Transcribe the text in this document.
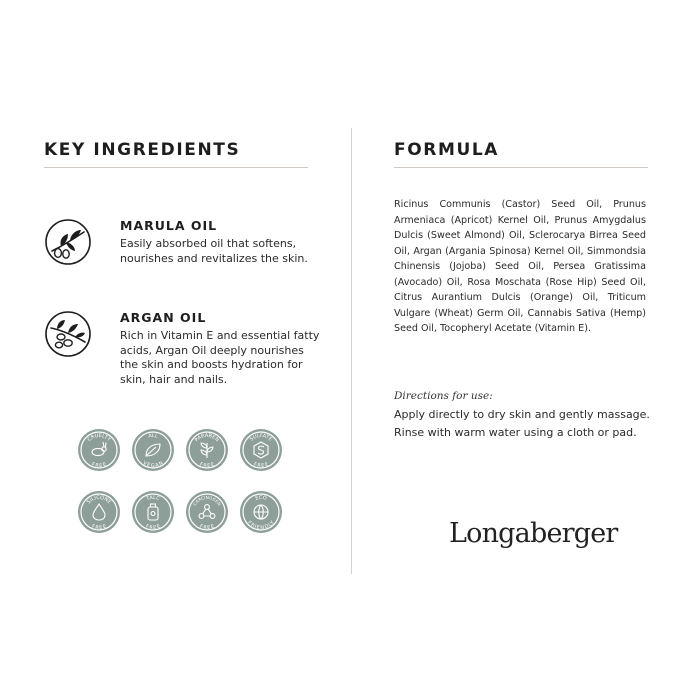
KEY INGREDIENTS
MARULA OIL

Easily absorbed oil that softens, nourishes and revitalizes the skin.

ARGAN OIL

Rich in Vitamin E and essential fatty acids, Argan Oil deeply nourishes the skin and boosts hydration for skin, hair and nails.

CRUELTY
FREE
ALL
VEGAN
PARABEN
FREE
SULFATE
FREE
SILICONE
FREE
TALC
FREE
CARCINOGEN
FREE
ECO
FRIENDLY
FORMULA

Ricinus Communis (Castor) Seed Oil, Prunus Armeniaca (Apricot) Kernel Oil, Prunus Amygdalus Dulcis (Sweet Almond) Oil, Sclerocarya Birrea Seed Oil, Argan (Argania Spinosa) Kernel Oil, Simmondsia Chinensis (Jojoba) Seed Oil, Persea Gratissima (Avocado) Oil, Rosa Moschata (Rose Hip) Seed Oil, Citrus Aurantium Dulcis (Orange) Oil, Triticum Vulgare (Wheat) Germ Oil, Cannabis Sativa (Hemp) Seed Oil, Tocopheryl Acetate (Vitamin E).

Directions for use:

Apply directly to dry skin and gently massage. Rinse with warm water using a cloth or pad.

Longaberger
